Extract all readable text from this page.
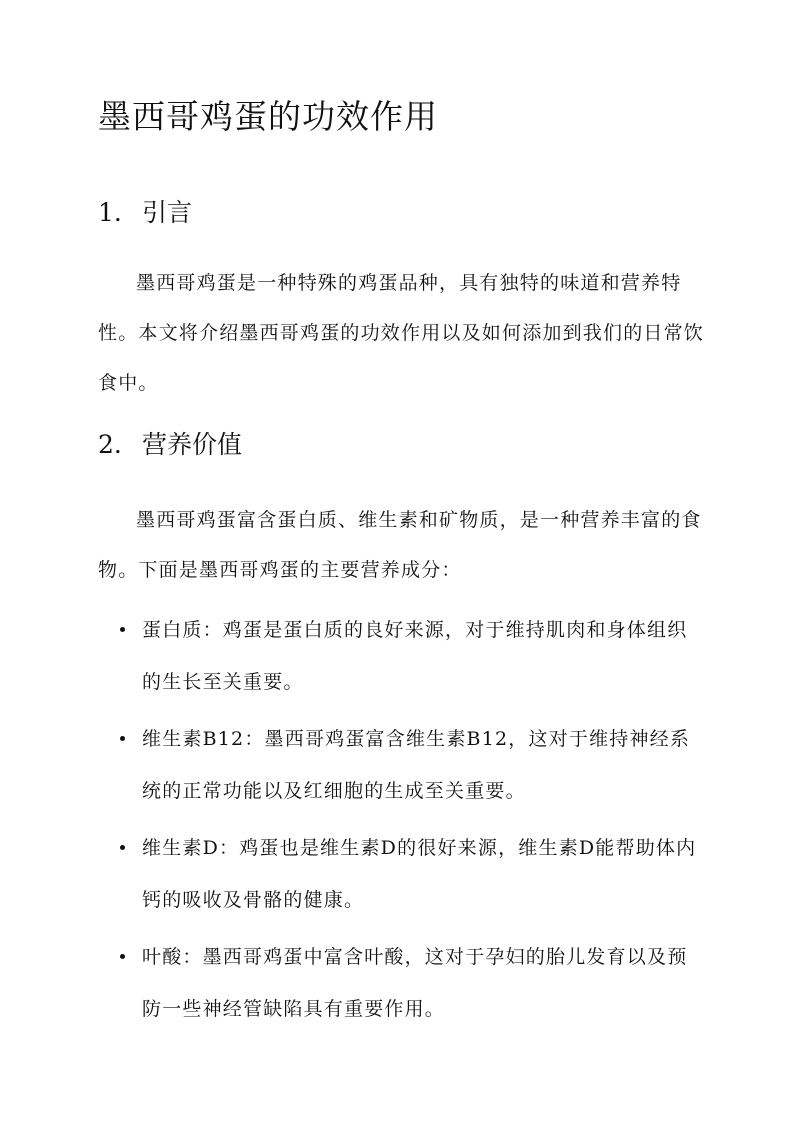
墨西哥鸡蛋的功效作用
1. 引言

墨西哥鸡蛋是一种特殊的鸡蛋品种，具有独特的味道和营养特性。本文将介绍墨西哥鸡蛋的功效作用以及如何添加到我们的日常饮食中。

2. 营养价值

墨西哥鸡蛋富含蛋白质、维生素和矿物质，是一种营养丰富的食物。下面是墨西哥鸡蛋的主要营养成分：

蛋白质：鸡蛋是蛋白质的良好来源，对于维持肌肉和身体组织的生长至关重要。
维生素B12：墨西哥鸡蛋富含维生素B12，这对于维持神经系统的正常功能以及红细胞的生成至关重要。
维生素D：鸡蛋也是维生素D的很好来源，维生素D能帮助体内钙的吸收及骨骼的健康。
叶酸：墨西哥鸡蛋中富含叶酸，这对于孕妇的胎儿发育以及预防一些神经管缺陷具有重要作用。
